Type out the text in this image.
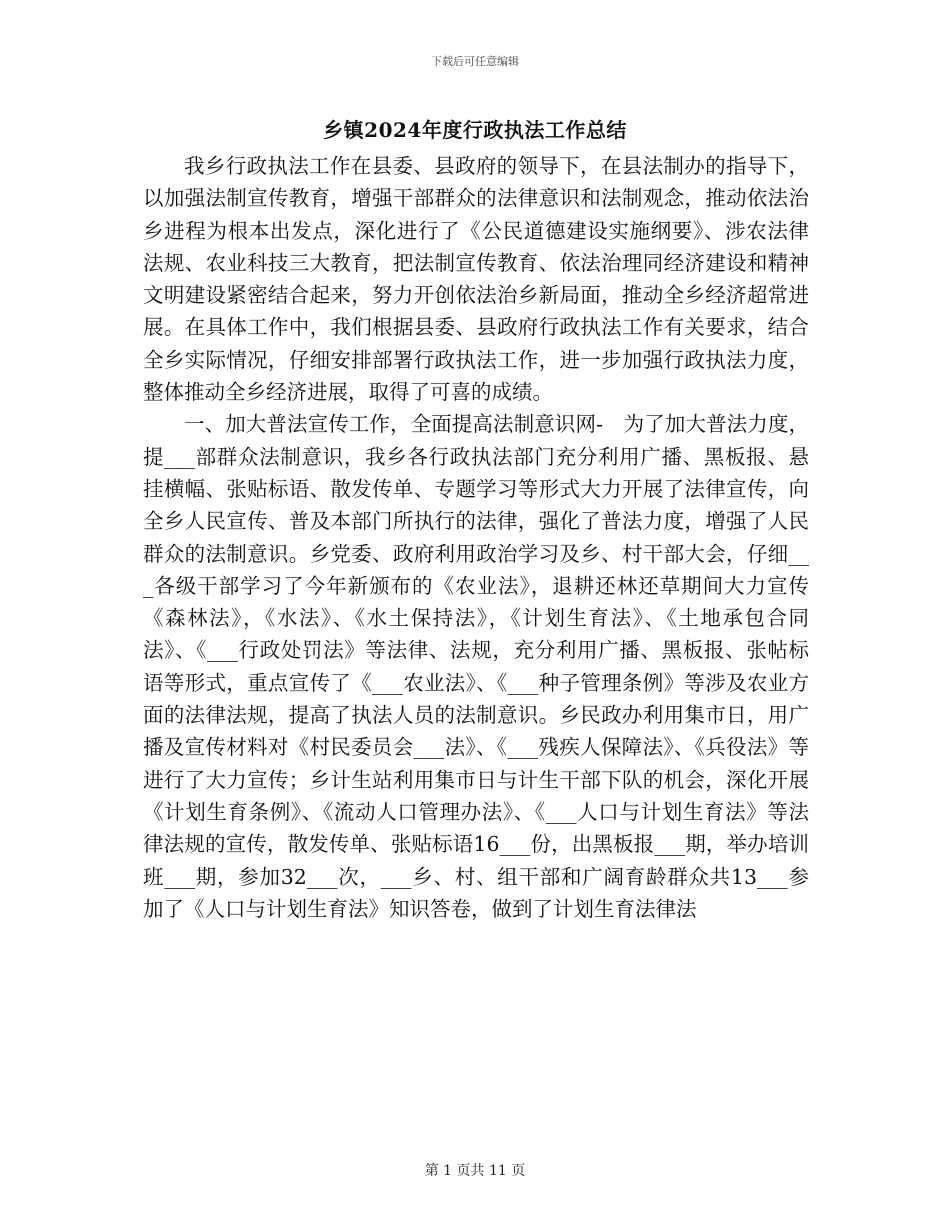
下载后可任意编辑
乡镇2024年度行政执法工作总结

我乡行政执法工作在县委、县政府的领导下，在县法制办的指导下，以加强法制宣传教育，增强干部群众的法律意识和法制观念，推动依法治乡进程为根本出发点，深化进行了《公民道德建设实施纲要》、涉农法律法规、农业科技三大教育，把法制宣传教育、依法治理同经济建设和精神文明建设紧密结合起来，努力开创依法治乡新局面，推动全乡经济超常进展。在具体工作中，我们根据县委、县政府行政执法工作有关要求，结合全乡实际情况，仔细安排部署行政执法工作，进一步加强行政执法力度，整体推动全乡经济进展，取得了可喜的成绩。

一、加大普法宣传工作，全面提高法制意识网-　为了加大普法力度，提___部群众法制意识，我乡各行政执法部门充分利用广播、黑板报、悬挂横幅、张贴标语、散发传单、专题学习等形式大力开展了法律宣传，向全乡人民宣传、普及本部门所执行的法律，强化了普法力度，增强了人民群众的法制意识。乡党委、政府利用政治学习及乡、村干部大会，仔细___各级干部学习了今年新颁布的《农业法》，退耕还林还草期间大力宣传《森林法》，《水法》、《水土保持法》，《计划生育法》、《土地承包合同法》、《___行政处罚法》等法律、法规，充分利用广播、黑板报、张帖标语等形式，重点宣传了《___农业法》、《___种子管理条例》等涉及农业方面的法律法规，提高了执法人员的法制意识。乡民政办利用集市日，用广播及宣传材料对《村民委员会___法》、《___残疾人保障法》、《兵役法》等进行了大力宣传；乡计生站利用集市日与计生干部下队的机会，深化开展《计划生育条例》、《流动人口管理办法》、《___人口与计划生育法》等法律法规的宣传，散发传单、张贴标语16___份，出黑板报___期，举办培训班___期，参加32___次，___乡、村、组干部和广阔育龄群众共13___参加了《人口与计划生育法》知识答卷，做到了计划生育法律法

第 1 页共 11 页
